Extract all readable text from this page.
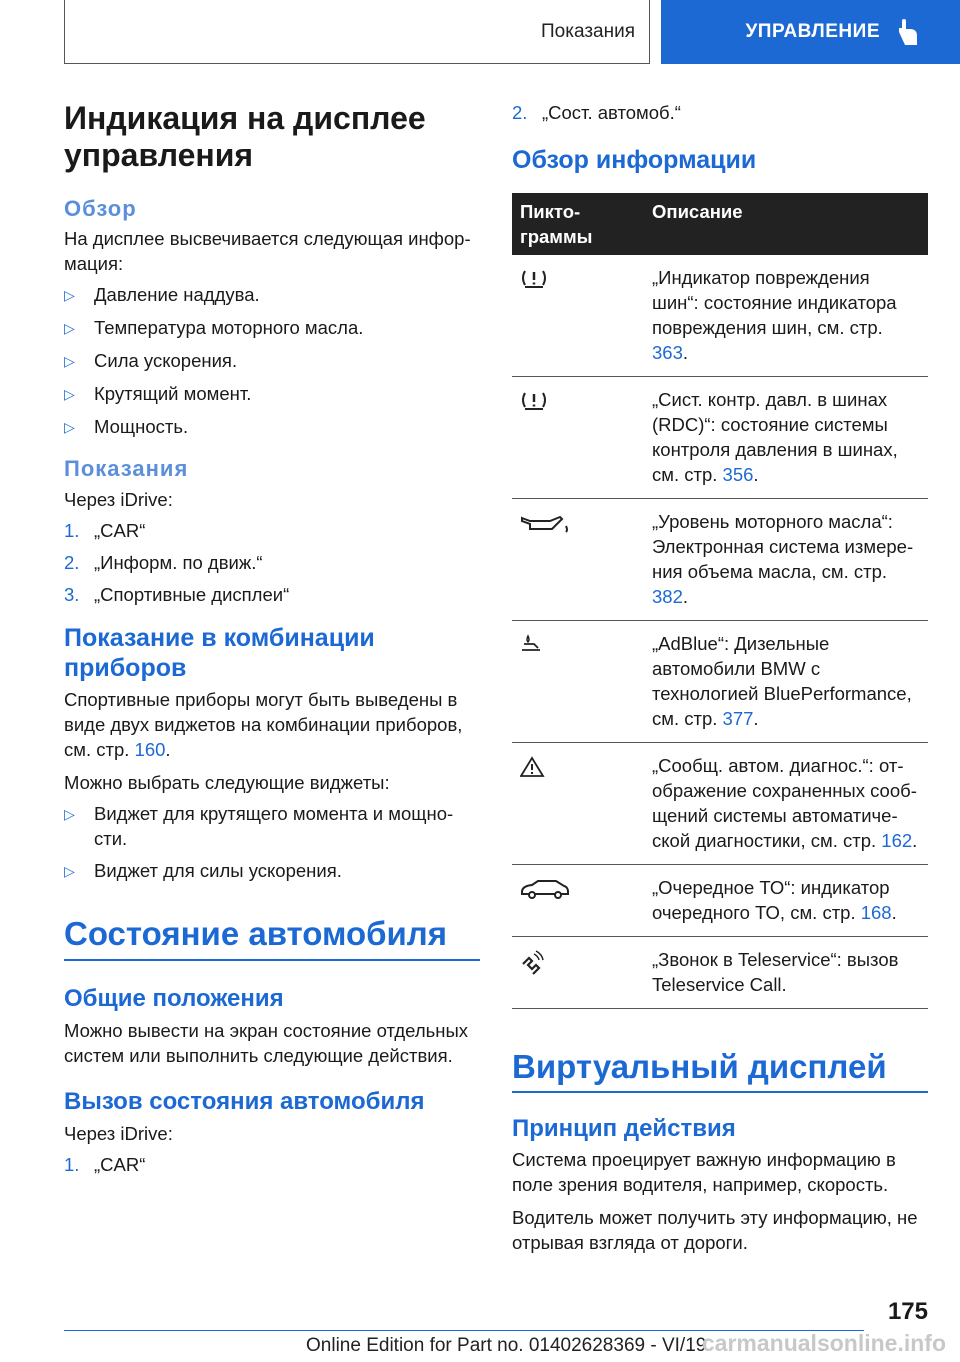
Показания	УПРАВЛЕНИЕ
Индикация на дисплее управления
Обзор

На дисплее высвечивается следующая информация:

▷	Давление наддува.
▷	Температура моторного масла.
▷	Сила ускорения.
▷	Крутящий момент.
▷	Мощность.
Показания

Через iDrive:

1. „CAR“
2. „Информ. по движ.“
3. „Спортивные дисплеи“
Показание в комбинации приборов

Спортивные приборы могут быть выведены в виде двух виджетов на комбинации приборов, см. стр. 160.

Можно выбрать следующие виджеты:

▷	Виджет для крутящего момента и мощности.
▷	Виджет для силы ускорения.
Состояние автомобиля
Общие положения

Можно вывести на экран состояние отдельных систем или выполнить следующие действия.

Вызов состояния автомобиля

Через iDrive:

1. „CAR“
2. „Сост. автомоб.“
Обзор информации
Пиктограммы	Описание
	„Индикатор повреждения шин“: состояние индикатора повреждения шин, см. стр. 363.
	„Сист. контр. давл. в шинах (RDC)“: состояние системы контроля давления в шинах, см. стр. 356.
	„Уровень моторного масла“: Электронная система измерения объема масла, см. стр. 382.
	„AdBlue“: Дизельные автомобили BMW с технологией BluePerformance, см. стр. 377.
	„Сообщ. автом. диагнос.“: отображение сохраненных сообщений системы автоматической диагностики, см. стр. 162.
	„Очередное ТО“: индикатор очередного ТО, см. стр. 168.
	„Звонок в Teleservice“: вызов Teleservice Call.
Виртуальный дисплей
Принцип действия

Система проецирует важную информацию в поле зрения водителя, например, скорость.

Водитель может получить эту информацию, не отрывая взгляда от дороги.

175
Online Edition for Part no. 01402628369 - VI/19
carmanualsonline.info
